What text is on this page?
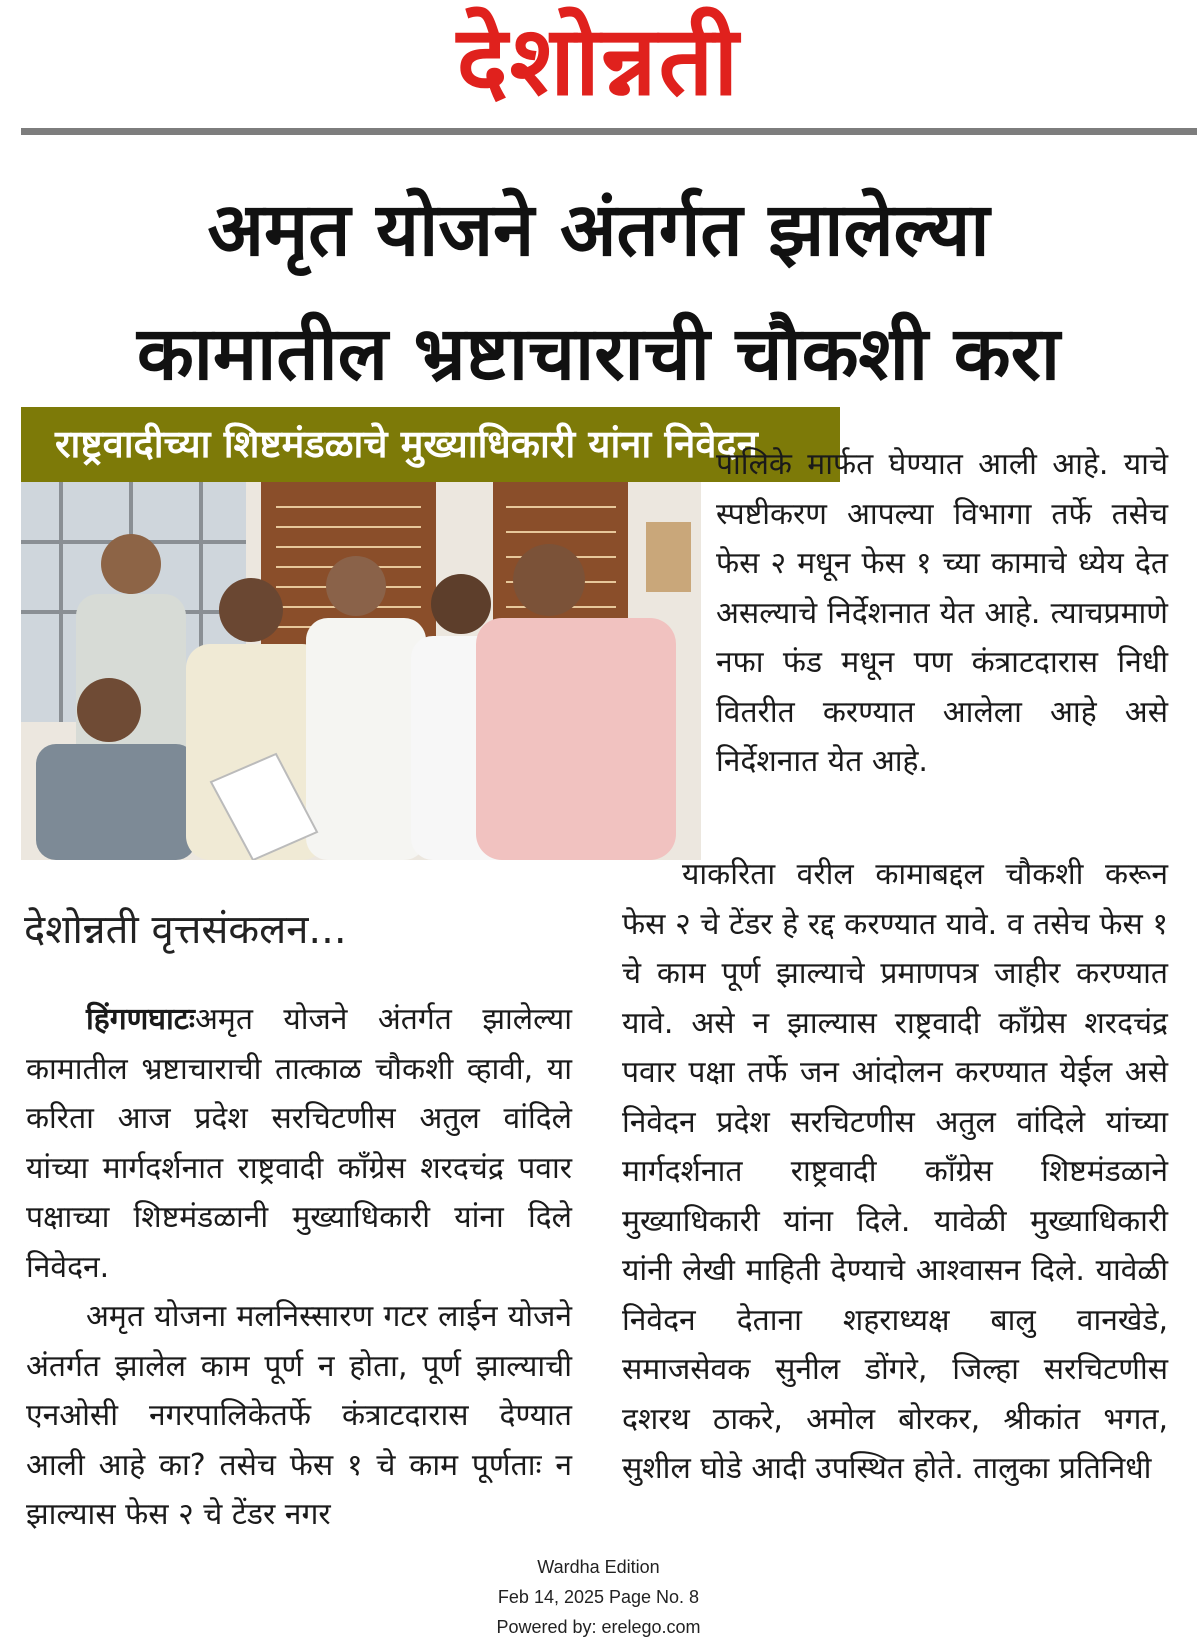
देशोन्नती
अमृत योजने अंतर्गत झालेल्या
कामातील भ्रष्टाचाराची चौकशी करा
राष्ट्रवादीच्या शिष्टमंडळाचे मुख्याधिकारी यांना निवेदन

पालिके मार्फत घेण्यात आली आहे. याचे स्पष्टीकरण आपल्या विभागा तर्फे तसेच फेस २ मधून फेस १ च्या कामाचे ध्येय देत असल्याचे निर्देशनात येत आहे. त्याचप्रमाणे नफा फंड मधून पण कंत्राटदारास निधी वितरीत करण्यात आलेला आहे असे निर्देशनात येत आहे.

देशोन्नती वृत्तसंकलन...

हिंगणघाटःअमृत योजने अंतर्गत झालेल्या कामातील भ्रष्टाचाराची तात्काळ चौकशी व्हावी, या करिता आज प्रदेश सरचिटणीस अतुल वांदिले यांच्या मार्गदर्शनात राष्ट्रवादी काँग्रेस शरदचंद्र पवार पक्षाच्या शिष्टमंडळानी मुख्याधिकारी यांना दिले निवेदन.

अमृत योजना मलनिस्सारण गटर लाईन योजने अंतर्गत झालेल काम पूर्ण न होता, पूर्ण झाल्याची एनओसी नगरपालिकेतर्फे कंत्राटदारास देण्यात आली आहे का? तसेच फेस १ चे काम पूर्णताः न झाल्यास फेस २ चे टेंडर नगर

याकरिता वरील कामाबद्दल चौकशी करून फेस २ चे टेंडर हे रद्द करण्यात यावे. व तसेच फेस १ चे काम पूर्ण झाल्याचे प्रमाणपत्र जाहीर करण्यात यावे. असे न झाल्यास राष्ट्रवादी काँग्रेस शरदचंद्र पवार पक्षा तर्फे जन आंदोलन करण्यात येईल असे निवेदन प्रदेश सरचिटणीस अतुल वांदिले यांच्या मार्गदर्शनात राष्ट्रवादी काँग्रेस शिष्टमंडळाने मुख्याधिकारी यांना दिले. यावेळी मुख्याधिकारी यांनी लेखी माहिती देण्याचे आश्वासन दिले. यावेळी निवेदन देताना शहराध्यक्ष बालु वानखेडे, समाजसेवक सुनील डोंगरे, जिल्हा सरचिटणीस दशरथ ठाकरे, अमोल बोरकर, श्रीकांत भगत, सुशील घोडे आदी उपस्थित होते. तालुका प्रतिनिधी

Wardha Edition
Feb 14, 2025 Page No. 8
Powered by: erelego.com
